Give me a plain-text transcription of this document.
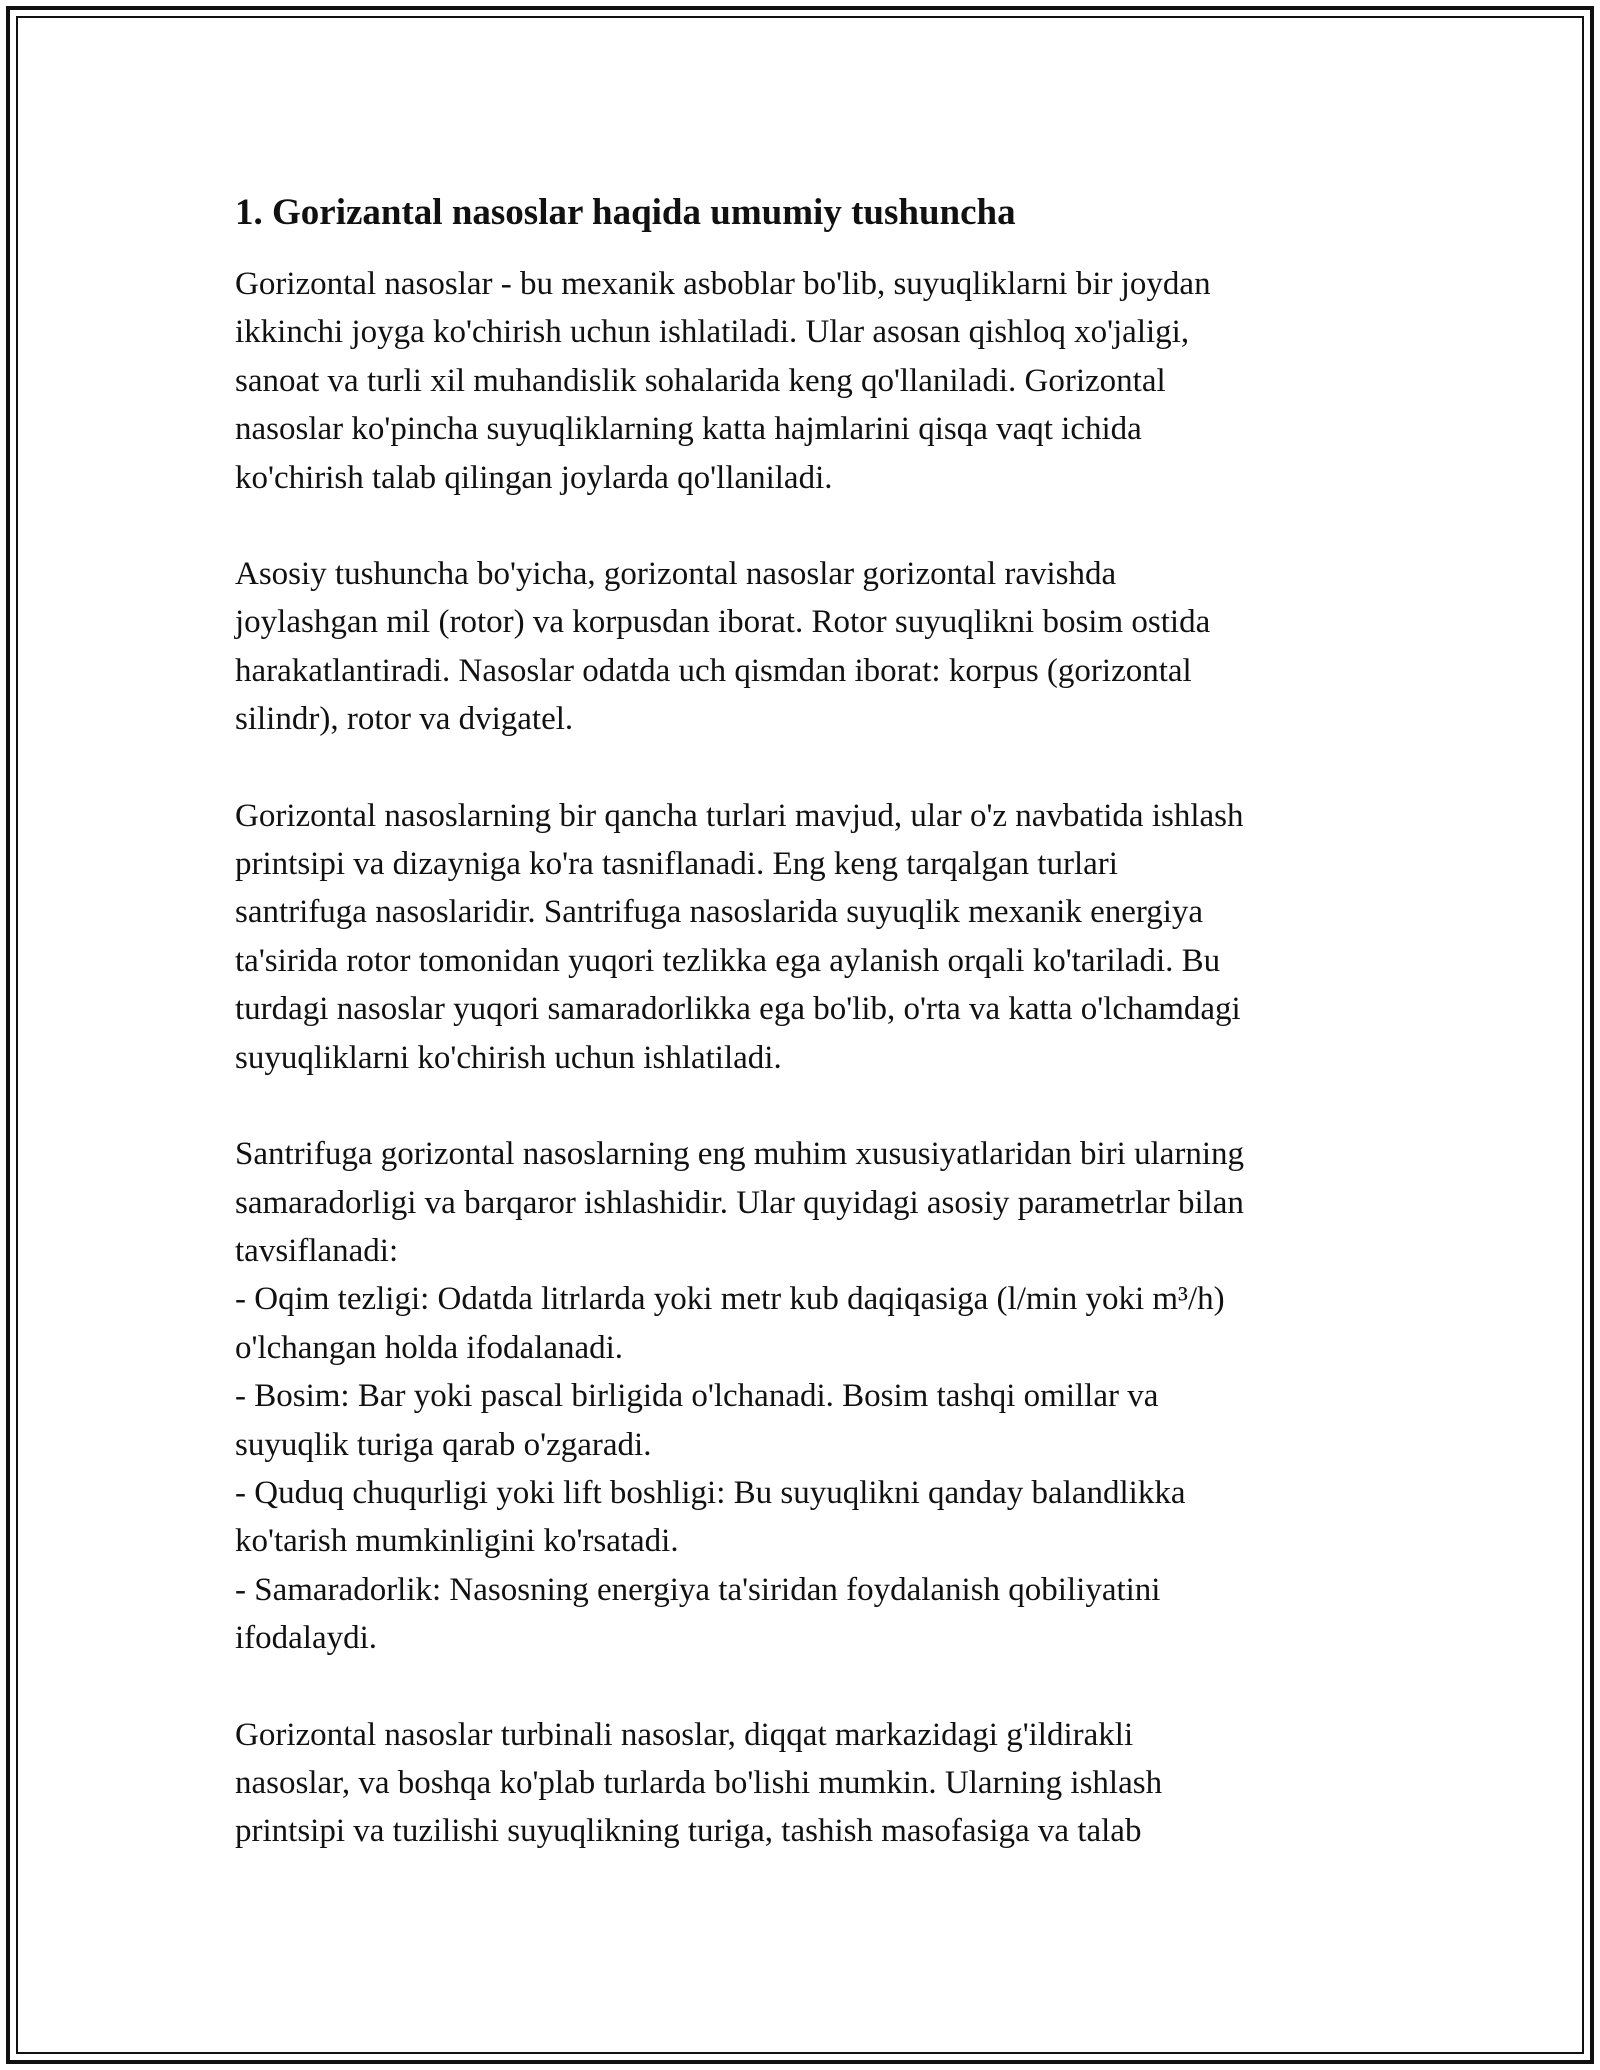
1. Gorizantal nasoslar haqida umumiy tushuncha
Gorizontal nasoslar - bu mexanik asboblar bo'lib, suyuqliklarni bir joydan
ikkinchi joyga ko'chirish uchun ishlatiladi. Ular asosan qishloq xo'jaligi,
sanoat va turli xil muhandislik sohalarida keng qo'llaniladi. Gorizontal
nasoslar ko'pincha suyuqliklarning katta hajmlarini qisqa vaqt ichida
ko'chirish talab qilingan joylarda qo'llaniladi.
Asosiy tushuncha bo'yicha, gorizontal nasoslar gorizontal ravishda
joylashgan mil (rotor) va korpusdan iborat. Rotor suyuqlikni bosim ostida
harakatlantiradi. Nasoslar odatda uch qismdan iborat: korpus (gorizontal
silindr), rotor va dvigatel.
Gorizontal nasoslarning bir qancha turlari mavjud, ular o'z navbatida ishlash
printsipi va dizayniga ko'ra tasniflanadi. Eng keng tarqalgan turlari
santrifuga nasoslaridir. Santrifuga nasoslarida suyuqlik mexanik energiya
ta'sirida rotor tomonidan yuqori tezlikka ega aylanish orqali ko'tariladi. Bu
turdagi nasoslar yuqori samaradorlikka ega bo'lib, o'rta va katta o'lchamdagi
suyuqliklarni ko'chirish uchun ishlatiladi.
Santrifuga gorizontal nasoslarning eng muhim xususiyatlaridan biri ularning
samaradorligi va barqaror ishlashidir. Ular quyidagi asosiy parametrlar bilan
tavsiflanadi:
- Oqim tezligi: Odatda litrlarda yoki metr kub daqiqasiga (l/min yoki m³/h)
o'lchangan holda ifodalanadi.
- Bosim: Bar yoki pascal birligida o'lchanadi. Bosim tashqi omillar va
suyuqlik turiga qarab o'zgaradi.
- Quduq chuqurligi yoki lift boshligi: Bu suyuqlikni qanday balandlikka
ko'tarish mumkinligini ko'rsatadi.
- Samaradorlik: Nasosning energiya ta'siridan foydalanish qobiliyatini
ifodalaydi.
Gorizontal nasoslar turbinali nasoslar, diqqat markazidagi g'ildirakli
nasoslar, va boshqa ko'plab turlarda bo'lishi mumkin. Ularning ishlash
printsipi va tuzilishi suyuqlikning turiga, tashish masofasiga va talab
